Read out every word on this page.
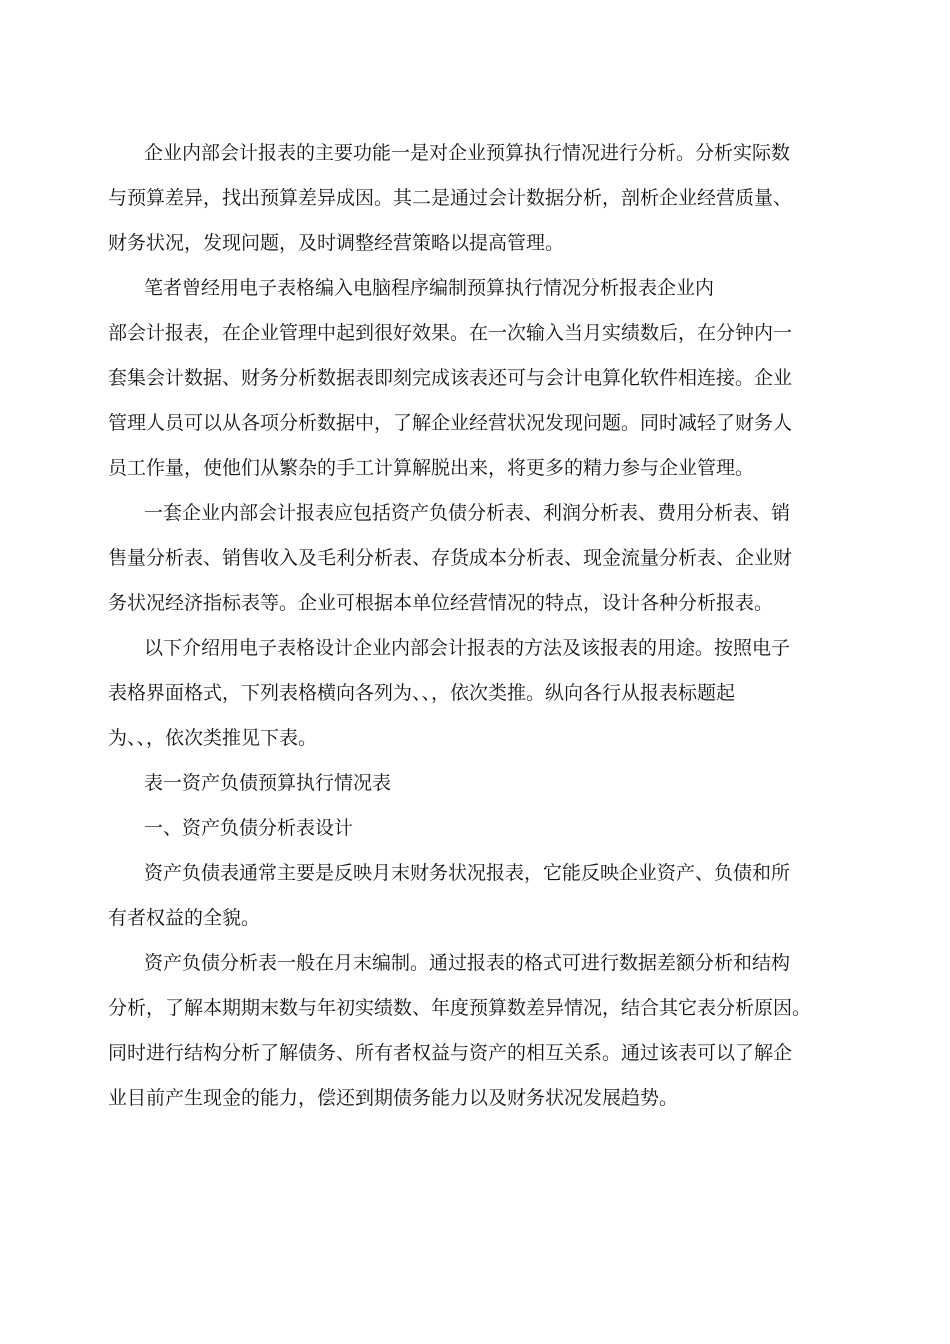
企业内部会计报表的主要功能一是对企业预算执行情况进行分析。分析实际数
与预算差异，找出预算差异成因。其二是通过会计数据分析，剖析企业经营质量、
财务状况，发现问题，及时调整经营策略以提高管理。
笔者曾经用电子表格编入电脑程序编制预算执行情况分析报表企业内
部会计报表，在企业管理中起到很好效果。在一次输入当月实绩数后，在分钟内一
套集会计数据、财务分析数据表即刻完成该表还可与会计电算化软件相连接。企业
管理人员可以从各项分析数据中，了解企业经营状况发现问题。同时减轻了财务人
员工作量，使他们从繁杂的手工计算解脱出来，将更多的精力参与企业管理。
一套企业内部会计报表应包括资产负债分析表、利润分析表、费用分析表、销
售量分析表、销售收入及毛利分析表、存货成本分析表、现金流量分析表、企业财
务状况经济指标表等。企业可根据本单位经营情况的特点，设计各种分析报表。
以下介绍用电子表格设计企业内部会计报表的方法及该报表的用途。按照电子
表格界面格式，下列表格横向各列为、、，依次类推。纵向各行从报表标题起
为、、，依次类推见下表。
表一资产负债预算执行情况表
一、资产负债分析表设计
资产负债表通常主要是反映月末财务状况报表，它能反映企业资产、负债和所
有者权益的全貌。
资产负债分析表一般在月末编制。通过报表的格式可进行数据差额分析和结构
分析，了解本期期末数与年初实绩数、年度预算数差异情况，结合其它表分析原因。
同时进行结构分析了解债务、所有者权益与资产的相互关系。通过该表可以了解企
业目前产生现金的能力，偿还到期债务能力以及财务状况发展趋势。
